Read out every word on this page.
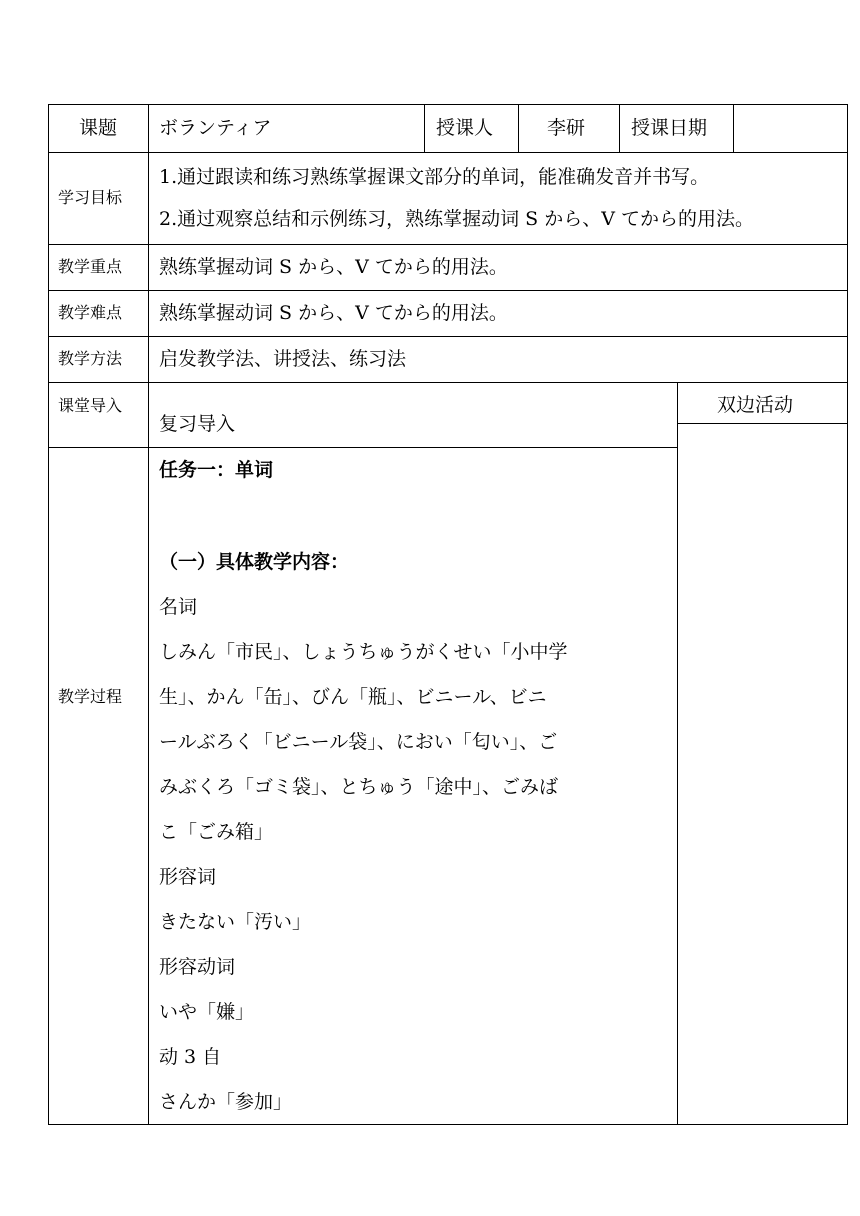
课题 ボランティア	授课人	李研 授课日期
学习目标
1.通过跟读和练习熟练掌握课文部分的单词，能准确发音并书写。
2.通过观察总结和示例练习，熟练掌握动词 S から、V てから的用法。
教学重点 熟练掌握动词 S から、V てから的用法。
教学难点 熟练掌握动词 S から、V てから的用法。
教学方法 启发教学法、讲授法、练习法
课堂导入
复习导入
双边活动
教学过程
任务一：单词
（一）具体教学内容：
名词
しみん「市民」、しょうちゅうがくせい「小中学
生」、かん「缶」、びん「瓶」、ビニール、ビニ
ールぶろく「ビニール袋」、におい「匂い」、ご
みぶくろ「ゴミ袋」、とちゅう「途中」、ごみば
こ「ごみ箱」
形容词
きたない「汚い」
形容动词
いや「嫌」
动 3 自
さんか「参加」
